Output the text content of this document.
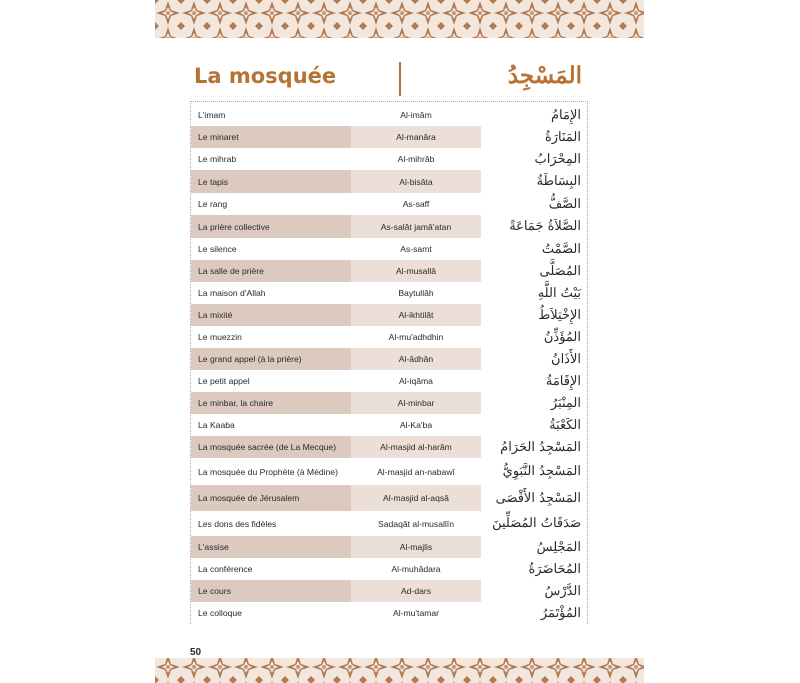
La mosquée	المَسْجِدُ
L'imam	Al-imâm	الإِمَامُ
Le minaret	Al-manâra	المَنَارَةُ
Le mihrab	Al-mihrâb	المِحْرَابُ
Le tapis	Al-bisâta	البِسَاطَةُ
Le rang	As-saff	الصَّفُّ
La prière collective	As-salât jamâ'atan	الصَّلاَةُ جَمَاعَةً
Le silence	As-samt	الصَّمْتُ
La salle de prière	Al-musallâ	المُصَلَّى
La maison d'Allah	Baytullâh	بَيْتُ اللَّهِ
La mixité	Al-ikhtilât	الإِخْتِلاَطُ
Le muezzin	Al-mu'adhdhin	المُؤَذِّنُ
Le grand appel (à la prière)	Al-âdhân	الأَذَانُ
Le petit appel	Al-iqâma	الإِقَامَةُ
Le minbar, la chaire	Al-minbar	المِنْبَرُ
La Kaaba	Al-Ka'ba	الكَعْبَةُ
La mosquée sacrée (de La Mecque)	Al-masjid al-harâm	المَسْجِدُ الحَرَامُ
La mosquée du Prophète (à Médine)	Al-masjid an-nabawî	المَسْجِدُ النَّبَوِيُّ
La mosquée de Jérusalem	Al-masjid al-aqsâ	المَسْجِدُ الأَقْصَى
Les dons des fidèles	Sadaqât al-musallîn	صَدَقَاتُ المُصَلِّينَ
L'assise	Al-majlis	المَجْلِسُ
La conférence	Al-muhâdara	المُحَاضَرَةُ
Le cours	Ad-dars	الدَّرْسُ
Le colloque	Al-mu'tamar	المُؤْتَمَرُ
50
